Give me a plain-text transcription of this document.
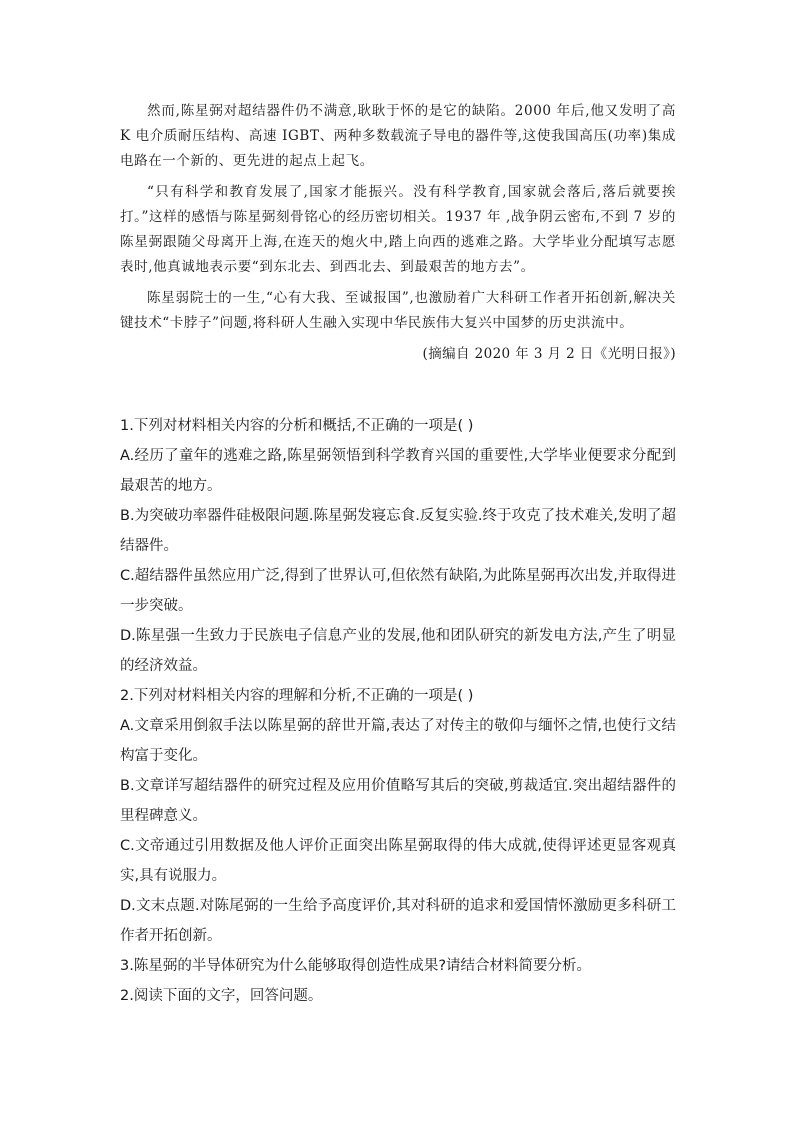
然而,陈星弼对超结器件仍不满意,耿耿于怀的是它的缺陷。2000 年后,他又发明了高 K 电介质耐压结构、高速 IGBT、两种多数载流子导电的器件等,这使我国高压(功率)集成电路在一个新的、更先进的起点上起飞。

“只有科学和教育发展了,国家才能振兴。没有科学教育,国家就会落后,落后就要挨打。”这样的感悟与陈星弼刻骨铭心的经历密切相关。1937 年 ,战争阴云密布,不到 7 岁的陈星弼跟随父母离开上海,在连天的炮火中,踏上向西的逃难之路。大学毕业分配填写志愿表时,他真诚地表示要“到东北去、到西北去、到最艰苦的地方去”。

陈星弱院士的一生,“心有大我、至诚报国”,也激励着广大科研工作者开拓创新,解决关键技术“卡脖子”问题,将科研人生融入实现中华民族伟大复兴中国梦的历史洪流中。

(摘编自 2020 年 3 月 2 日《光明日报》)

1.下列对材料相关内容的分析和概括,不正确的一项是( )

A.经历了童年的逃难之路,陈星弼领悟到科学教育兴国的重要性,大学毕业便要求分配到最艰苦的地方。

B.为突破功率器件硅极限问题.陈星弼发寝忘食.反复实验.终于攻克了技术难关,发明了超结器件。

C.超结器件虽然应用广泛,得到了世界认可,但依然有缺陷,为此陈星弼再次出发,并取得进一步突破。

D.陈星强一生致力于民族电子信息产业的发展,他和团队研究的新发电方法,产生了明显的经济效益。

2.下列对材料相关内容的理解和分析,不正确的一项是( )

A.文章采用倒叙手法以陈星弼的辞世开篇,表达了对传主的敬仰与缅怀之情,也使行文结构富于变化。

B.文章详写超结器件的研究过程及应用价值略写其后的突破,剪裁适宜.突出超结器件的里程碑意义。

C.文帝通过引用数据及他人评价正面突出陈星弼取得的伟大成就,使得评述更显客观真实,具有说服力。

D.文末点题.对陈尾弼的一生给予高度评价,其对科研的追求和爱国情怀激励更多科研工作者开拓创新。

3.陈星弼的半导体研究为什么能够取得创造性成果?请结合材料简要分析。

2.阅读下面的文字，回答问题。
